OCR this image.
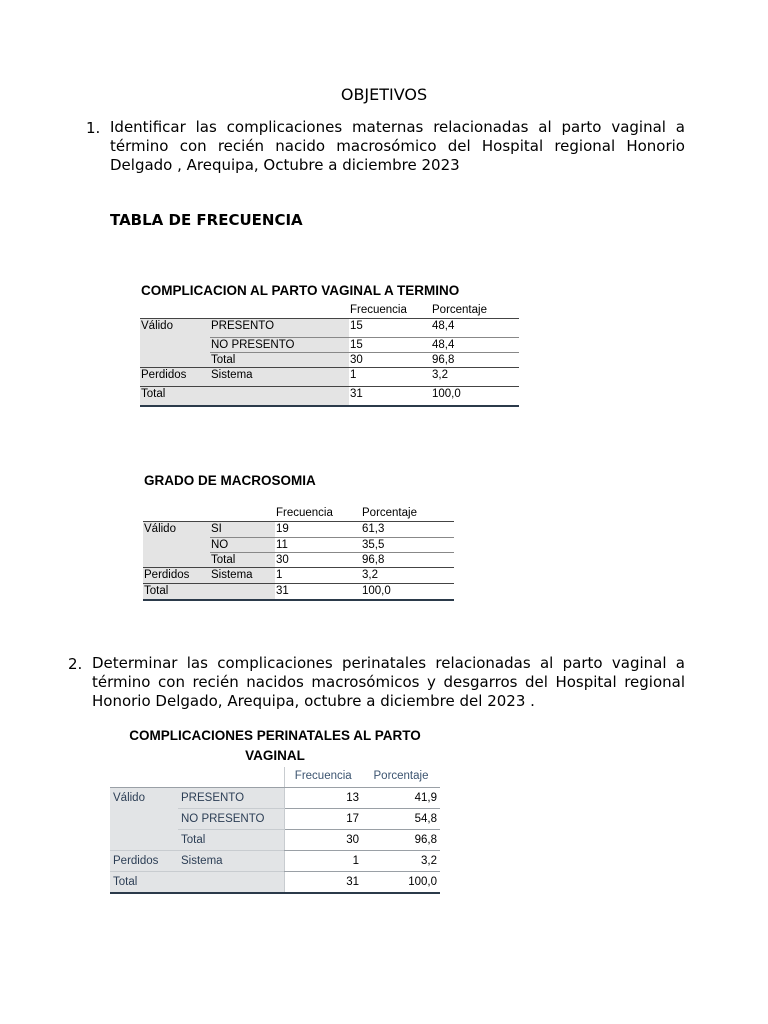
OBJETIVOS
1. Identificar las complicaciones maternas relacionadas al parto vaginal a término con recién nacido macrosómico del Hospital regional Honorio Delgado , Arequipa, Octubre a diciembre 2023
TABLA DE FRECUENCIA
COMPLICACION AL PARTO VAGINAL A TERMINO
		Frecuencia	Porcentaje
Válido	PRESENTO	15	48,4
	NO PRESENTO	15	48,4
	Total	30	96,8
Perdidos	Sistema	1	3,2
Total		31	100,0
GRADO DE MACROSOMIA
		Frecuencia	Porcentaje
Válido	SI	19	61,3
	NO	11	35,5
	Total	30	96,8
Perdidos	Sistema	1	3,2
Total		31	100,0
2. Determinar las complicaciones perinatales relacionadas al parto vaginal a término con recién nacidos macrosómicos y desgarros del Hospital regional Honorio Delgado, Arequipa, octubre a diciembre del 2023 .
COMPLICACIONES PERINATALES AL PARTO
VAGINAL
		Frecuencia	Porcentaje
Válido	PRESENTO	13	41,9
	NO PRESENTO	17	54,8
	Total	30	96,8
Perdidos	Sistema	1	3,2
Total		31	100,0
